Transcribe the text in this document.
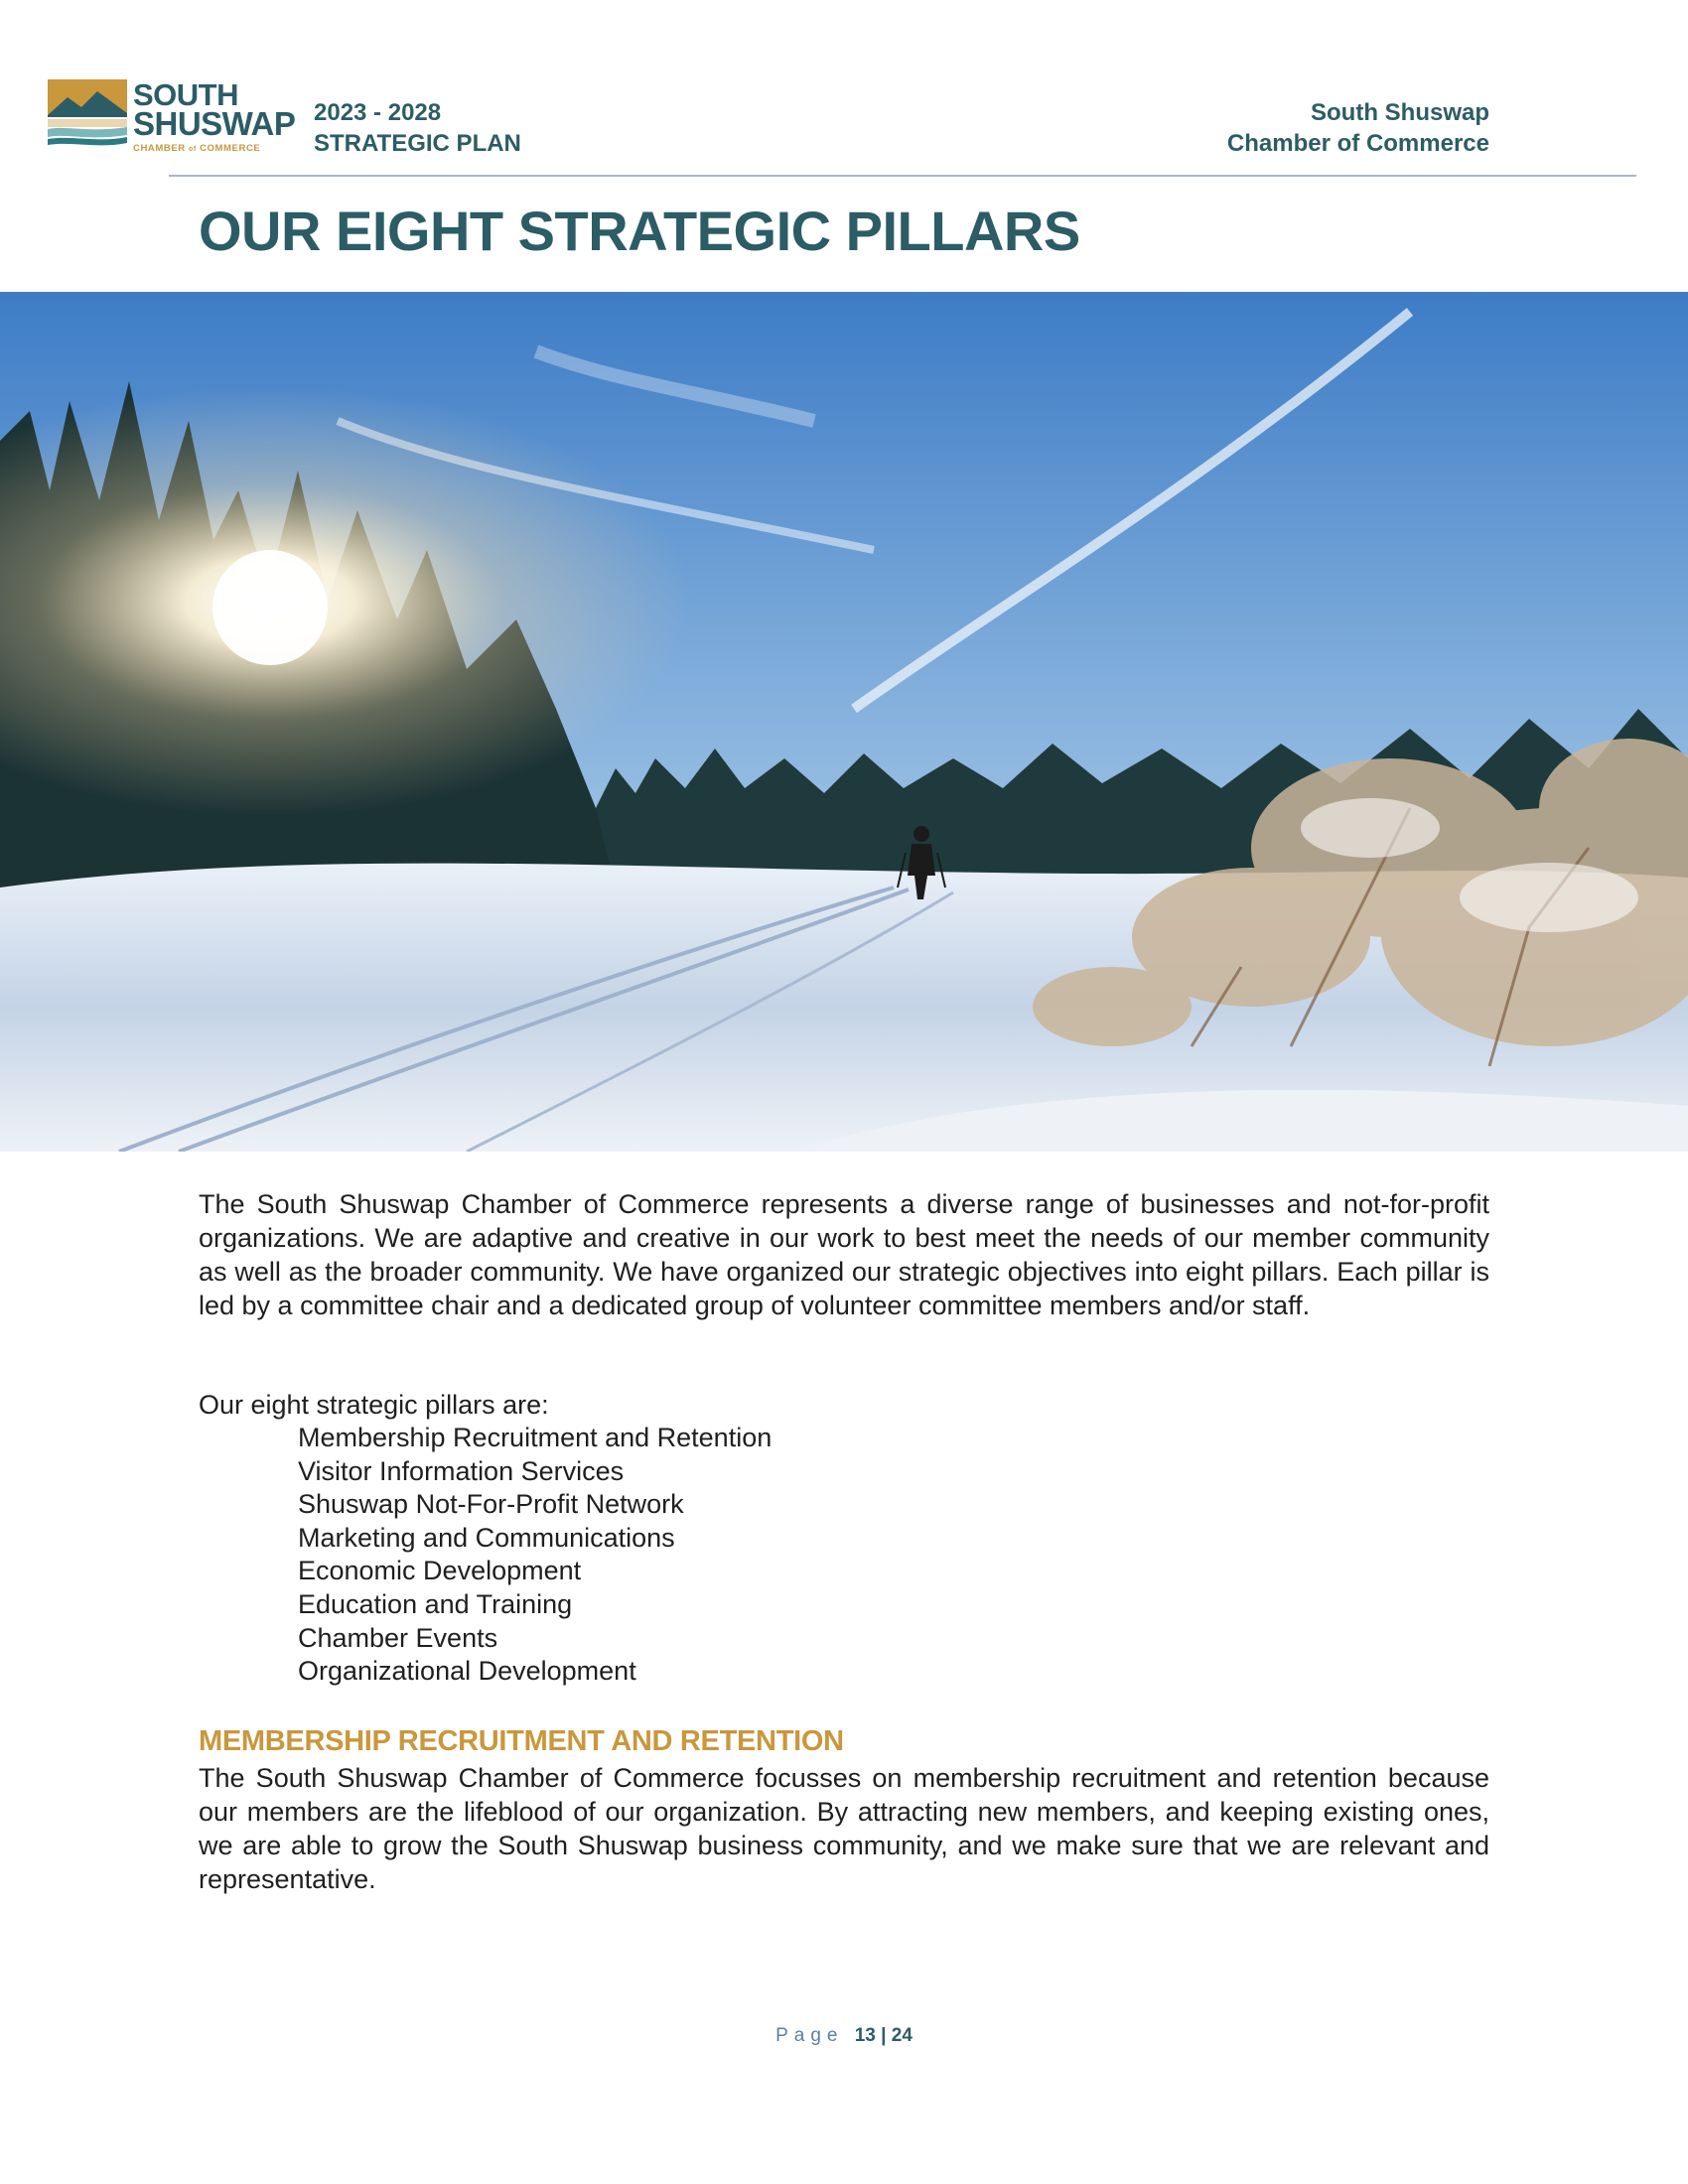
SOUTH
SHUSWAP
CHAMBER of COMMERCE
2023 - 2028
STRATEGIC PLAN
South Shuswap
Chamber of Commerce
OUR EIGHT STRATEGIC PILLARS

The South Shuswap Chamber of Commerce represents a diverse range of businesses and not-for-profit organizations. We are adaptive and creative in our work to best meet the needs of our member community as well as the broader community. We have organized our strategic objectives into eight pillars. Each pillar is led by a committee chair and a dedicated group of volunteer committee members and/or staff.

Our eight strategic pillars are:
Membership Recruitment and Retention
Visitor Information Services
Shuswap Not-For-Profit Network
Marketing and Communications
Economic Development
Education and Training
Chamber Events
Organizational Development
MEMBERSHIP RECRUITMENT AND RETENTION

The South Shuswap Chamber of Commerce focusses on membership recruitment and retention because our members are the lifeblood of our organization. By attracting new members, and keeping existing ones, we are able to grow the South Shuswap business community, and we make sure that we are relevant and representative.

Page 13 | 24
